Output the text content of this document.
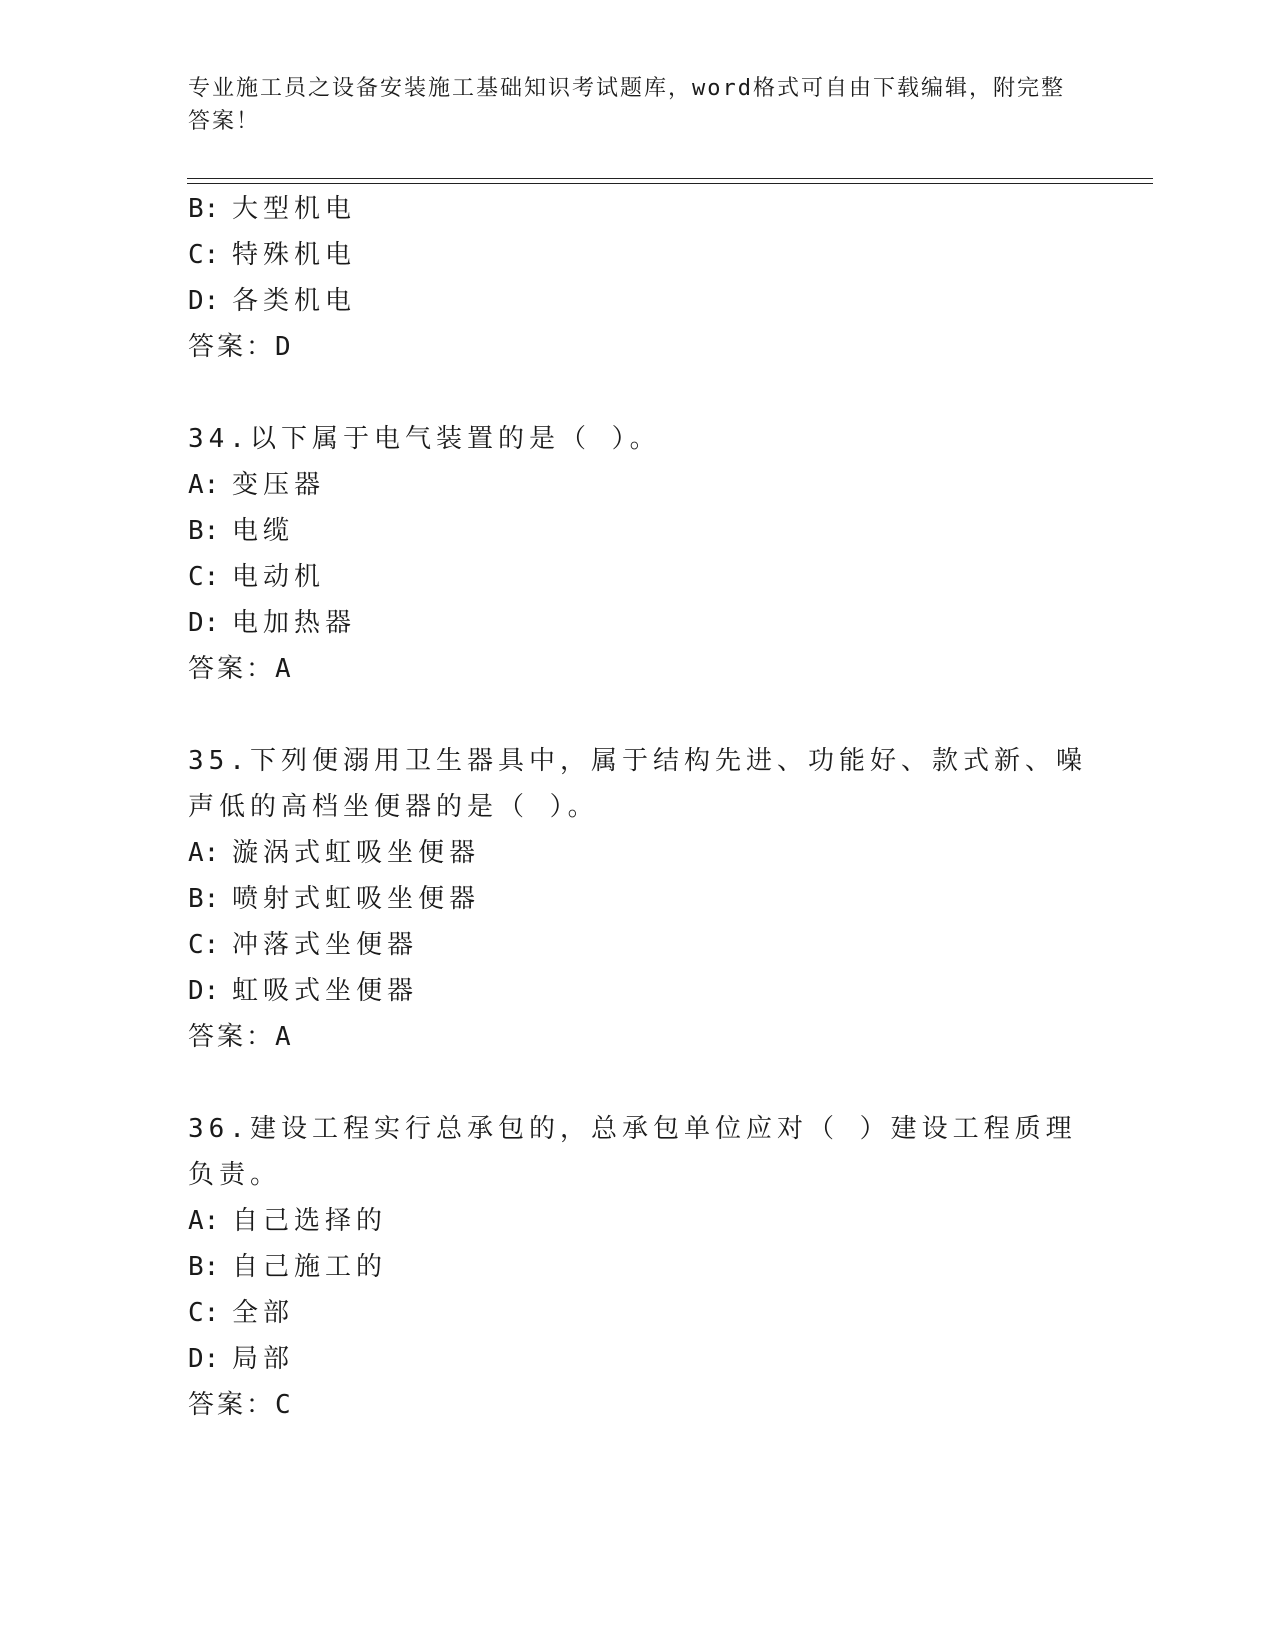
专业施工员之设备安装施工基础知识考试题库，word格式可自由下载编辑，附完整答案！
B: 大型机电
C: 特殊机电
D: 各类机电
答案：D
34.以下属于电气装置的是（ ）。
A: 变压器
B: 电缆
C: 电动机
D: 电加热器
答案：A
35.下列便溺用卫生器具中，属于结构先进、功能好、款式新、噪声低的高档坐便器的是（ ）。
A: 漩涡式虹吸坐便器
B: 喷射式虹吸坐便器
C: 冲落式坐便器
D: 虹吸式坐便器
答案：A
36.建设工程实行总承包的，总承包单位应对（ ）建设工程质理负责。
A: 自己选择的
B: 自己施工的
C: 全部
D: 局部
答案：C
